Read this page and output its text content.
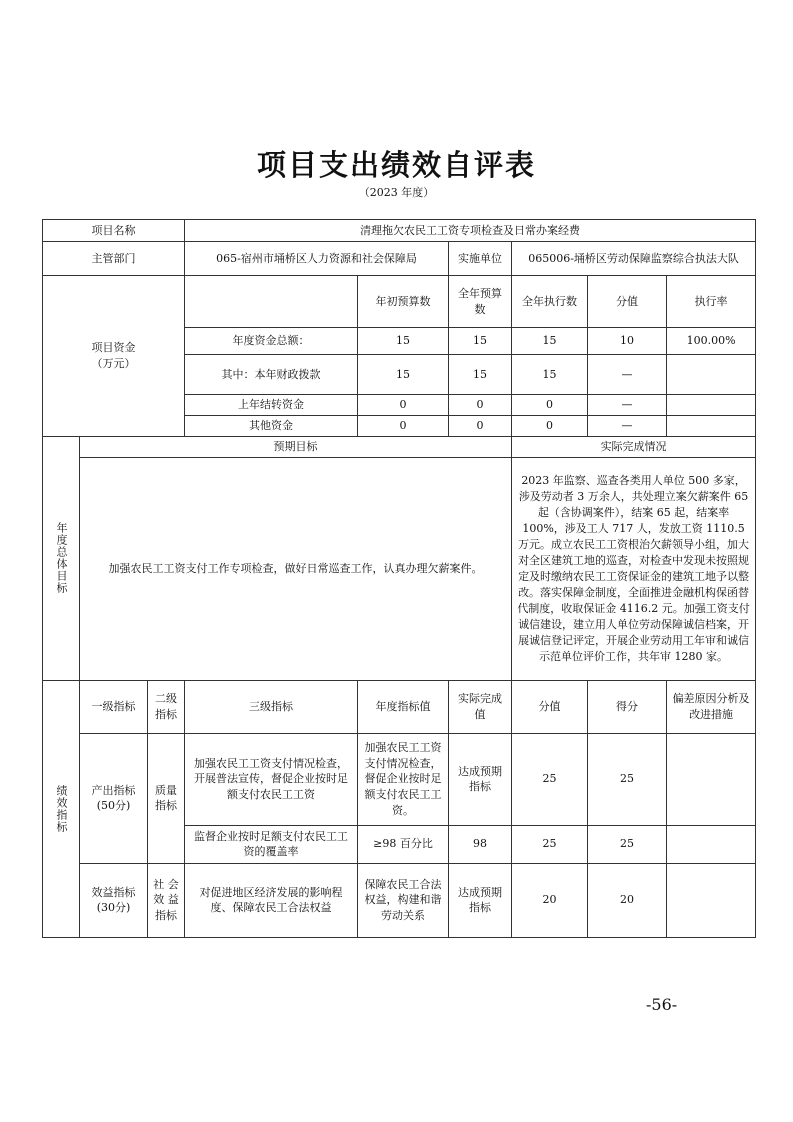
项目支出绩效自评表
（2023 年度）
项目名称			清理拖欠农民工工资专项检查及日常办案经费						
主管部门			065-宿州市埇桥区人力资源和社会保障局		实施单位	065006-埇桥区劳动保障监察综合执法大队			
项目资金
（万元）				年初预算数	全年预算数	全年执行数	分值	执行率	
			年度资金总额：	15	15	15	10	100.00%	
			其中：本年财政拨款	15	15	15	—		
			上年结转资金	0	0	0	—		
			其他资金	0	0	0	—		
年度总体目标	预期目标					实际完成情况			
	加强农民工工资支付工作专项检查，做好日常巡查工作，认真办理欠薪案件。					2023 年监察、巡查各类用人单位 500 多家，涉及劳动者 3 万余人，共处理立案欠薪案件 65 起（含协调案件），结案 65 起，结案率 100%，涉及工人 717 人，发放工资 1110.5 万元。成立农民工工资根治欠薪领导小组，加大对全区建筑工地的巡查，对检查中发现未按照规定及时缴纳农民工工资保证金的建筑工地予以整改。落实保障金制度，全面推进金融机构保函替代制度，收取保证金 4116.2 元。加强工资支付诚信建设，建立用人单位劳动保障诚信档案，开展诚信登记评定，开展企业劳动用工年审和诚信示范单位评价工作，共年审 1280 家。			
绩效指标	一级指标	二级指标	三级指标	年度指标值	实际完成值	分值	得分	偏差原因分析及改进措施	
	产出指标(50分)	质量指标	加强农民工工资支付情况检查，开展普法宣传，督促企业按时足额支付农民工工资	加强农民工工资支付情况检查，督促企业按时足额支付农民工工资。	达成预期指标	25	25		
			监督企业按时足额支付农民工工资的覆盖率	≥98 百分比	98	25	25		
	效益指标(30分)	社 会 效 益 指标	对促进地区经济发展的影响程度、保障农民工合法权益	保障农民工合法权益，构建和谐劳动关系	达成预期指标	20	20		
-56-
